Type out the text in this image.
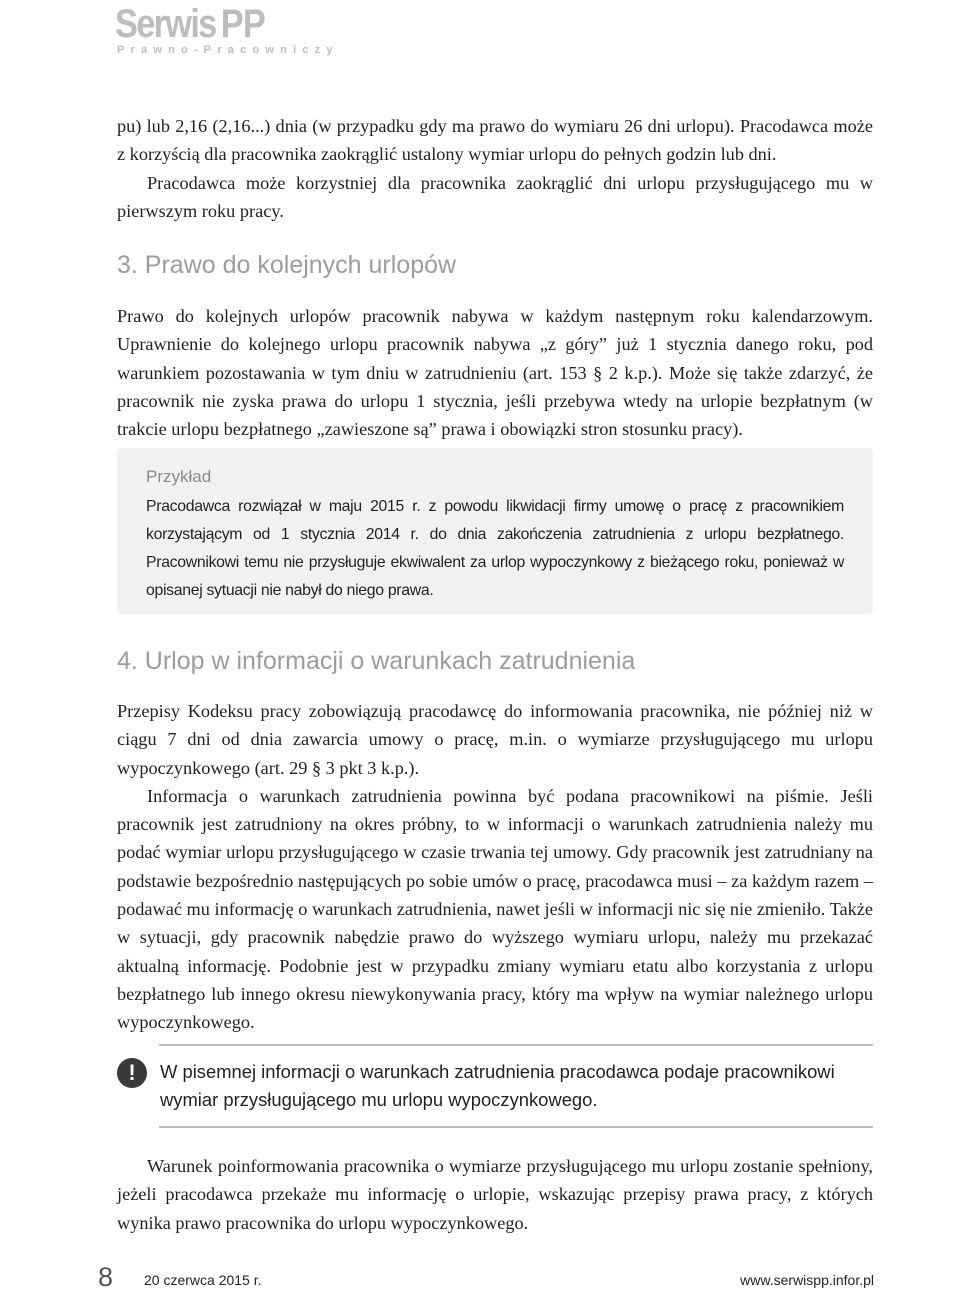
Serwis PP
Prawno-Pracowniczy

pu) lub 2,16 (2,16...) dnia (w przypadku gdy ma prawo do wymiaru 26 dni urlopu). Pracodawca może z korzyścią dla pracownika zaokrąglić ustalony wymiar urlopu do pełnych godzin lub dni.

Pracodawca może korzystniej dla pracownika zaokrąglić dni urlopu przysługującego mu w pierwszym roku pracy.

3. Prawo do kolejnych urlopów

Prawo do kolejnych urlopów pracownik nabywa w każdym następnym roku kalendarzowym. Uprawnienie do kolejnego urlopu pracownik nabywa „z góry” już 1 stycznia danego roku, pod warunkiem pozostawania w tym dniu w zatrudnieniu (art. 153 § 2 k.p.). Może się także zdarzyć, że pracownik nie zyska prawa do urlopu 1 stycznia, jeśli przebywa wtedy na urlopie bezpłatnym (w trakcie urlopu bezpłatnego „zawieszone są” prawa i obowiązki stron stosunku pracy).

Przykład
Pracodawca rozwiązał w maju 2015 r. z powodu likwidacji firmy umowę o pracę z pracownikiem korzystającym od 1 stycznia 2014 r. do dnia zakończenia zatrudnienia z urlopu bezpłatnego. Pracownikowi temu nie przysługuje ekwiwalent za urlop wypoczynkowy z bieżącego roku, ponieważ w opisanej sytuacji nie nabył do niego prawa.
4. Urlop w informacji o warunkach zatrudnienia

Przepisy Kodeksu pracy zobowiązują pracodawcę do informowania pracownika, nie później niż w ciągu 7 dni od dnia zawarcia umowy o pracę, m.in. o wymiarze przysługującego mu urlopu wypoczynkowego (art. 29 § 3 pkt 3 k.p.).

Informacja o warunkach zatrudnienia powinna być podana pracownikowi na piśmie. Jeśli pracownik jest zatrudniony na okres próbny, to w informacji o warunkach zatrudnienia należy mu podać wymiar urlopu przysługującego w czasie trwania tej umowy. Gdy pracownik jest zatrudniany na podstawie bezpośrednio następujących po sobie umów o pracę, pracodawca musi – za każdym razem – podawać mu informację o warunkach zatrudnienia, nawet jeśli w informacji nic się nie zmieniło. Także w sytuacji, gdy pracownik nabędzie prawo do wyższego wymiaru urlopu, należy mu przekazać aktualną informację. Podobnie jest w przypadku zmiany wymiaru etatu albo korzystania z urlopu bezpłatnego lub innego okresu niewykonywania pracy, który ma wpływ na wymiar należnego urlopu wypoczynkowego.

!	W pisemnej informacji o warunkach zatrudnienia pracodawca podaje pracownikowi wymiar przysługującego mu urlopu wypoczynkowego.

Warunek poinformowania pracownika o wymiarze przysługującego mu urlopu zostanie spełniony, jeżeli pracodawca przekaże mu informację o urlopie, wskazując przepisy prawa pracy, z których wynika prawo pracownika do urlopu wypoczynkowego.

8 20 czerwca 2015 r.	www.serwispp.infor.pl
